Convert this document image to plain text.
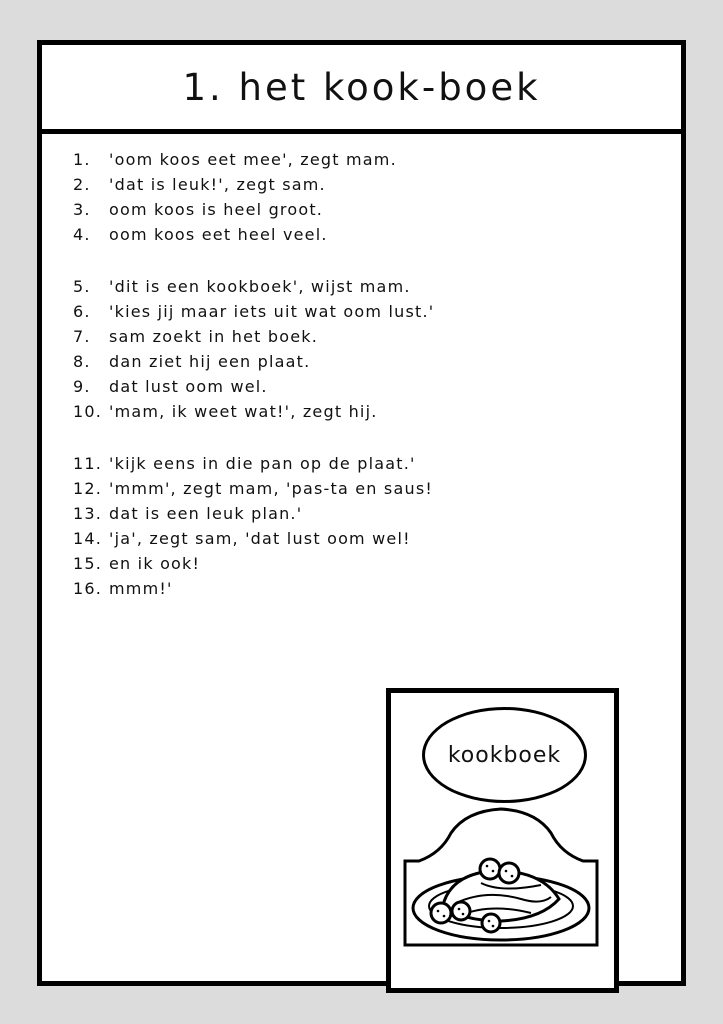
1. het kook-boek
1.	'oom koos eet mee', zegt mam.
2.	'dat is leuk!', zegt sam.
3.	oom koos is heel groot.
4.	oom koos eet heel veel.
5.	'dit is een kookboek', wijst mam.
6.	'kies jij maar iets uit wat oom lust.'
7.	sam zoekt in het boek.
8.	dan ziet hij een plaat.
9.	dat lust oom wel.
10. 'mam, ik weet wat!', zegt hij.
11. 'kijk eens in die pan op de plaat.'
12. 'mmm', zegt mam, 'pas-ta en saus!
13. dat is een leuk plan.'
14. 'ja', zegt sam, 'dat lust oom wel!
15. en ik ook!
16. mmm!'
kookboek
